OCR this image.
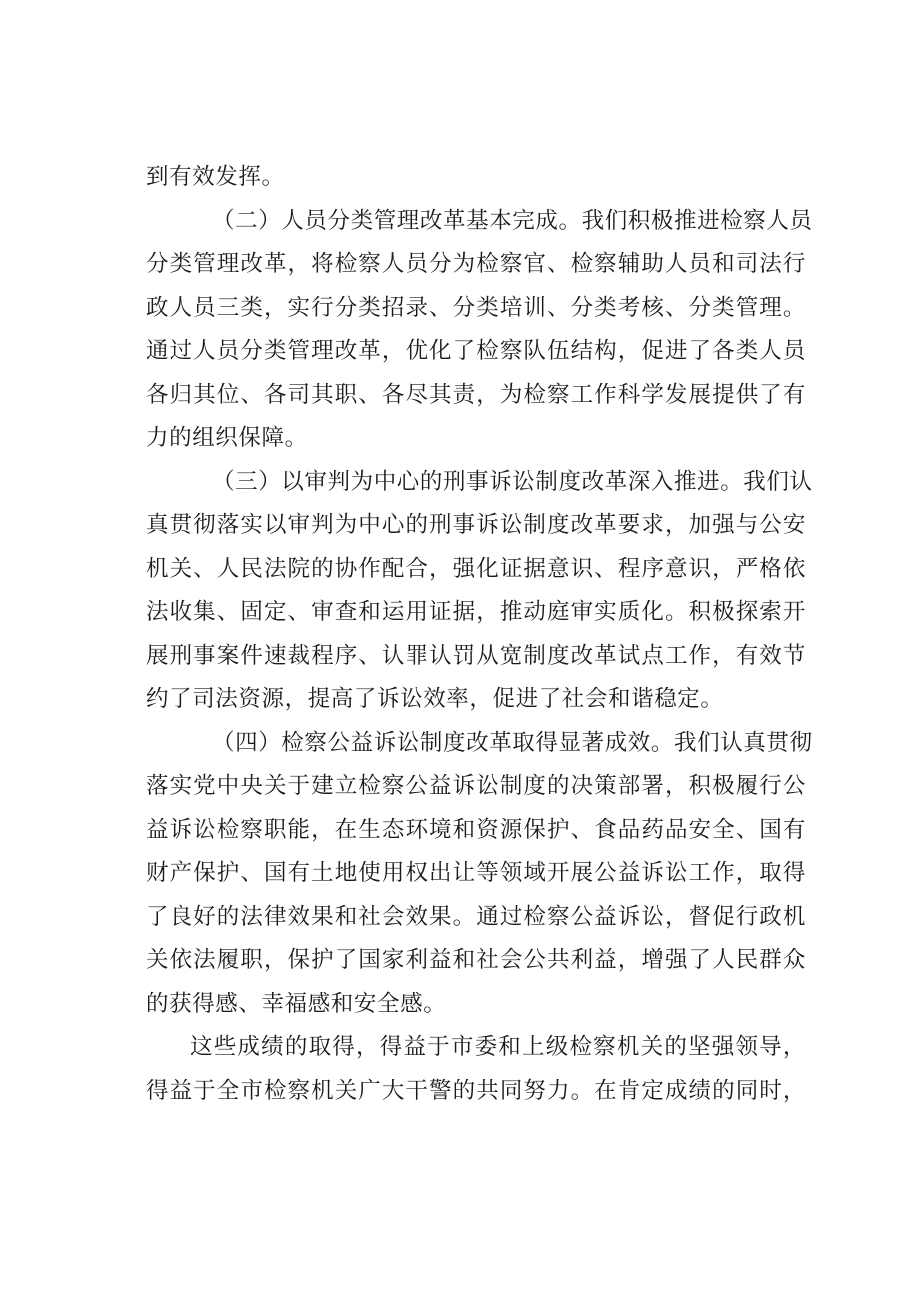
到有效发挥。
（二）人员分类管理改革基本完成。我们积极推进检察人员
分类管理改革，将检察人员分为检察官、检察辅助人员和司法行
政人员三类，实行分类招录、分类培训、分类考核、分类管理。
通过人员分类管理改革，优化了检察队伍结构，促进了各类人员
各归其位、各司其职、各尽其责，为检察工作科学发展提供了有
力的组织保障。
（三）以审判为中心的刑事诉讼制度改革深入推进。我们认
真贯彻落实以审判为中心的刑事诉讼制度改革要求，加强与公安
机关、人民法院的协作配合，强化证据意识、程序意识，严格依
法收集、固定、审查和运用证据，推动庭审实质化。积极探索开
展刑事案件速裁程序、认罪认罚从宽制度改革试点工作，有效节
约了司法资源，提高了诉讼效率，促进了社会和谐稳定。
（四）检察公益诉讼制度改革取得显著成效。我们认真贯彻
落实党中央关于建立检察公益诉讼制度的决策部署，积极履行公
益诉讼检察职能，在生态环境和资源保护、食品药品安全、国有
财产保护、国有土地使用权出让等领域开展公益诉讼工作，取得
了良好的法律效果和社会效果。通过检察公益诉讼，督促行政机
关依法履职，保护了国家利益和社会公共利益，增强了人民群众
的获得感、幸福感和安全感。
这些成绩的取得，得益于市委和上级检察机关的坚强领导，
得益于全市检察机关广大干警的共同努力。在肯定成绩的同时，
